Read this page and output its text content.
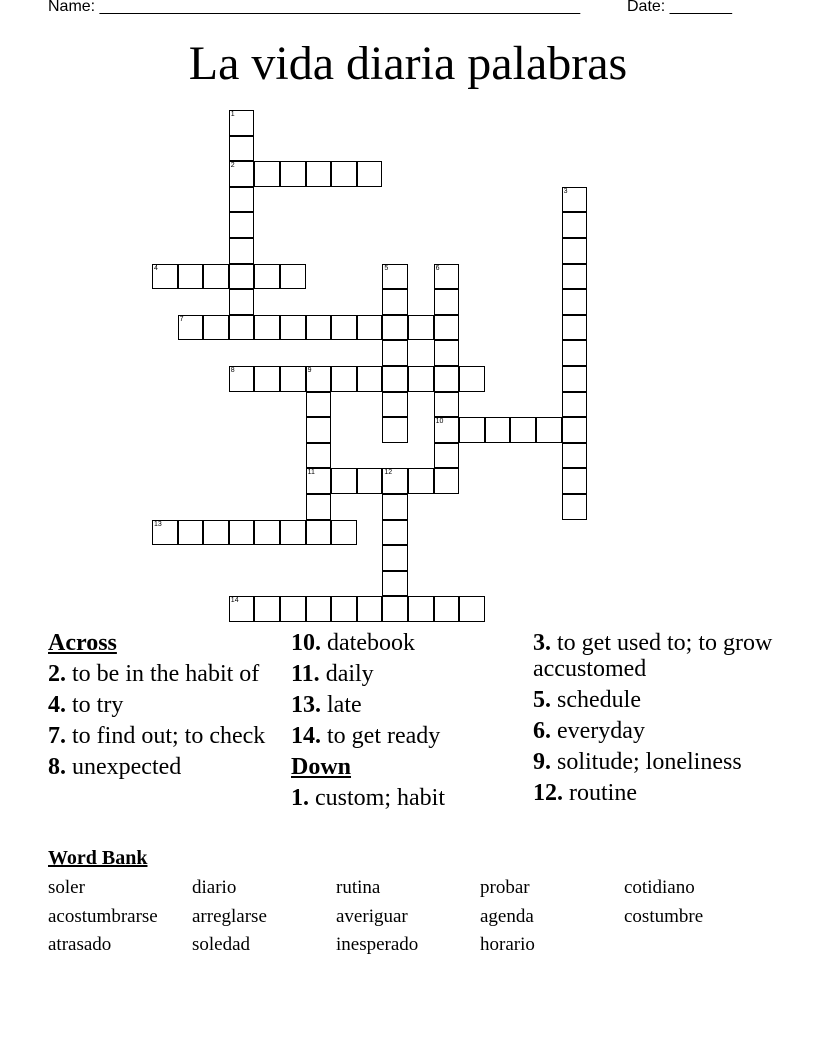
Name: ______________________________________________________	Date: _______
La vida diaria palabras
1
2
3
4	5	6
10
7
8	9
11	12
13
14
Across
2. to be in the habit of
4. to try
7. to find out; to check
8. unexpected
10. datebook
11. daily
13. late
14. to get ready
Down
1. custom; habit
3. to get used to; to grow accustomed
5. schedule
6. everyday
9. solitude; loneliness
12. routine
Word Bank
soler	diario	rutina	probar	cotidiano
acostumbrarse	arreglarse	averiguar	agenda	costumbre
atrasado	soledad	inesperado	horario
